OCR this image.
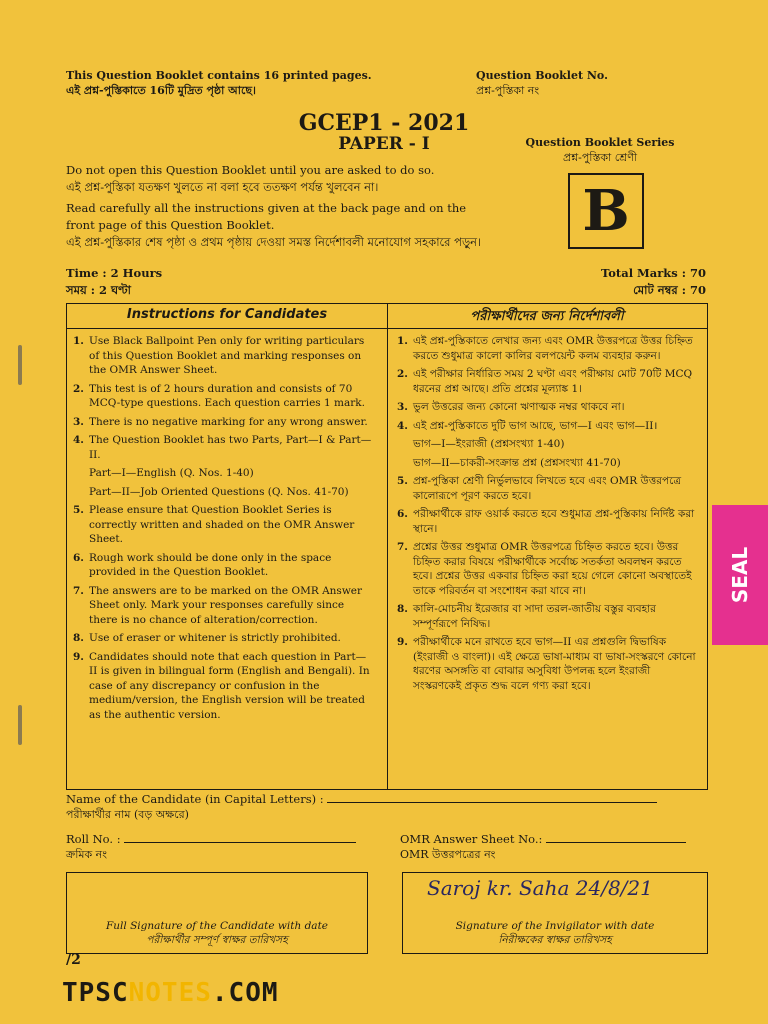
This Question Booklet contains 16 printed pages.
এই প্রশ্ন-পুস্তিকাতে 16টি মুদ্রিত পৃষ্ঠা আছে।
Question Booklet No.
প্রশ্ন-পুস্তিকা নং
GCEP1 - 2021
PAPER - I	Question Booklet Series
প্রশ্ন-পুস্তিকা শ্রেণী
B

Do not open this Question Booklet until you are asked to do so.

এই প্রশ্ন-পুস্তিকা যতক্ষণ খুলতে না বলা হবে ততক্ষণ পর্যন্ত খুলবেন না।

Read carefully all the instructions given at the back page and on the front page of this Question Booklet.

এই প্রশ্ন-পুস্তিকার শেষ পৃষ্ঠা ও প্রথম পৃষ্ঠায় দেওয়া সমস্ত নির্দেশাবলী মনোযোগ সহকারে পড়ুন।

Time : 2 Hours
সময় : 2 ঘণ্টা
Total Marks : 70
মোট নম্বর : 70
Instructions for Candidates	পরীক্ষার্থীদের জন্য নির্দেশাবলী
1. Use Black Ballpoint Pen only for writing particulars of this Question Booklet and marking responses on the OMR Answer Sheet.
2. This test is of 2 hours duration and consists of 70 MCQ-type questions. Each question carries 1 mark.
3. There is no negative marking for any wrong answer.
4. The Question Booklet has two Parts, Part—I & Part—II.
Part—I—English (Q. Nos. 1-40)
Part—II—Job Oriented Questions (Q. Nos. 41-70)
5. Please ensure that Question Booklet Series is correctly written and shaded on the OMR Answer Sheet.
6. Rough work should be done only in the space provided in the Question Booklet.
7. The answers are to be marked on the OMR Answer Sheet only. Mark your responses carefully since there is no chance of alteration/correction.
8. Use of eraser or whitener is strictly prohibited.
9. Candidates should note that each question in Part—II is given in bilingual form (English and Bengali). In case of any discrepancy or confusion in the medium/version, the English version will be treated as the authentic version.
1. এই প্রশ্ন-পুস্তিকাতে লেখার জন্য এবং OMR উত্তরপত্রে উত্তর চিহ্নিত করতে শুধুমাত্র কালো কালির বলপয়েন্ট কলম ব্যবহার করুন।
2. এই পরীক্ষার নির্ধারিত সময় 2 ঘণ্টা এবং পরীক্ষায় মোট 70টি MCQ ধরনের প্রশ্ন আছে। প্রতি প্রশ্নের মূল্যাঙ্ক 1।
3. ভুল উত্তরের জন্য কোনো ঋণাত্মক নম্বর থাকবে না।
4. এই প্রশ্ন-পুস্তিকাতে দুটি ভাগ আছে, ভাগ—I এবং ভাগ—II।
ভাগ—I—ইংরাজী (প্রশ্নসংখ্যা 1-40)
ভাগ—II—চাকরী-সংক্রান্ত প্রশ্ন (প্রশ্নসংখ্যা 41-70)
5. প্রশ্ন-পুস্তিকা শ্রেণী নির্ভুলভাবে লিখতে হবে এবং OMR উত্তরপত্রে কালোরূপে পূরণ করতে হবে।
6. পরীক্ষার্থীকে রাফ ওয়ার্ক করতে হবে শুধুমাত্র প্রশ্ন-পুস্তিকায় নির্দিষ্ট করা স্থানে।
7. প্রশ্নের উত্তর শুধুমাত্র OMR উত্তরপত্রে চিহ্নিত করতে হবে। উত্তর চিহ্নিত করার বিষয়ে পরীক্ষার্থীকে সর্বোচ্চ সতর্কতা অবলম্বন করতে হবে। প্রশ্নের উত্তর একবার চিহ্নিত করা হয়ে গেলে কোনো অবস্থাতেই তাকে পরিবর্তন বা সংশোধন করা যাবে না।
8. কালি-মোচনীয় ইরেজার বা সাদা তরল-জাতীয় বস্তুর ব্যবহার সম্পূর্ণরূপে নিষিদ্ধ।
9. পরীক্ষার্থীকে মনে রাখতে হবে ভাগ—II এর প্রশ্নগুলি দ্বিভাষিক (ইংরাজী ও বাংলা)। এই ক্ষেত্রে ভাষা-মাধ্যম বা ভাষা-সংস্করণে কোনো ধরণের অসঙ্গতি বা বোঝার অসুবিধা উপলব্ধ হলে ইংরাজী সংস্করণকেই প্রকৃত শুদ্ধ বলে গণ্য করা হবে।
Name of the Candidate (in Capital Letters) :
পরীক্ষার্থীর নাম (বড় অক্ষরে)
Roll No. :
ক্রমিক নং
OMR Answer Sheet No.:
OMR উত্তরপত্রের নং
Full Signature of the Candidate with date
পরীক্ষার্থীর সম্পূর্ণ স্বাক্ষর তারিখসহ
Saroj kr. Saha 24/8/21
Signature of the Invigilator with date
নিরীক্ষকের স্বাক্ষর তারিখসহ
/2
TPSCNOTES.COM
SEAL
